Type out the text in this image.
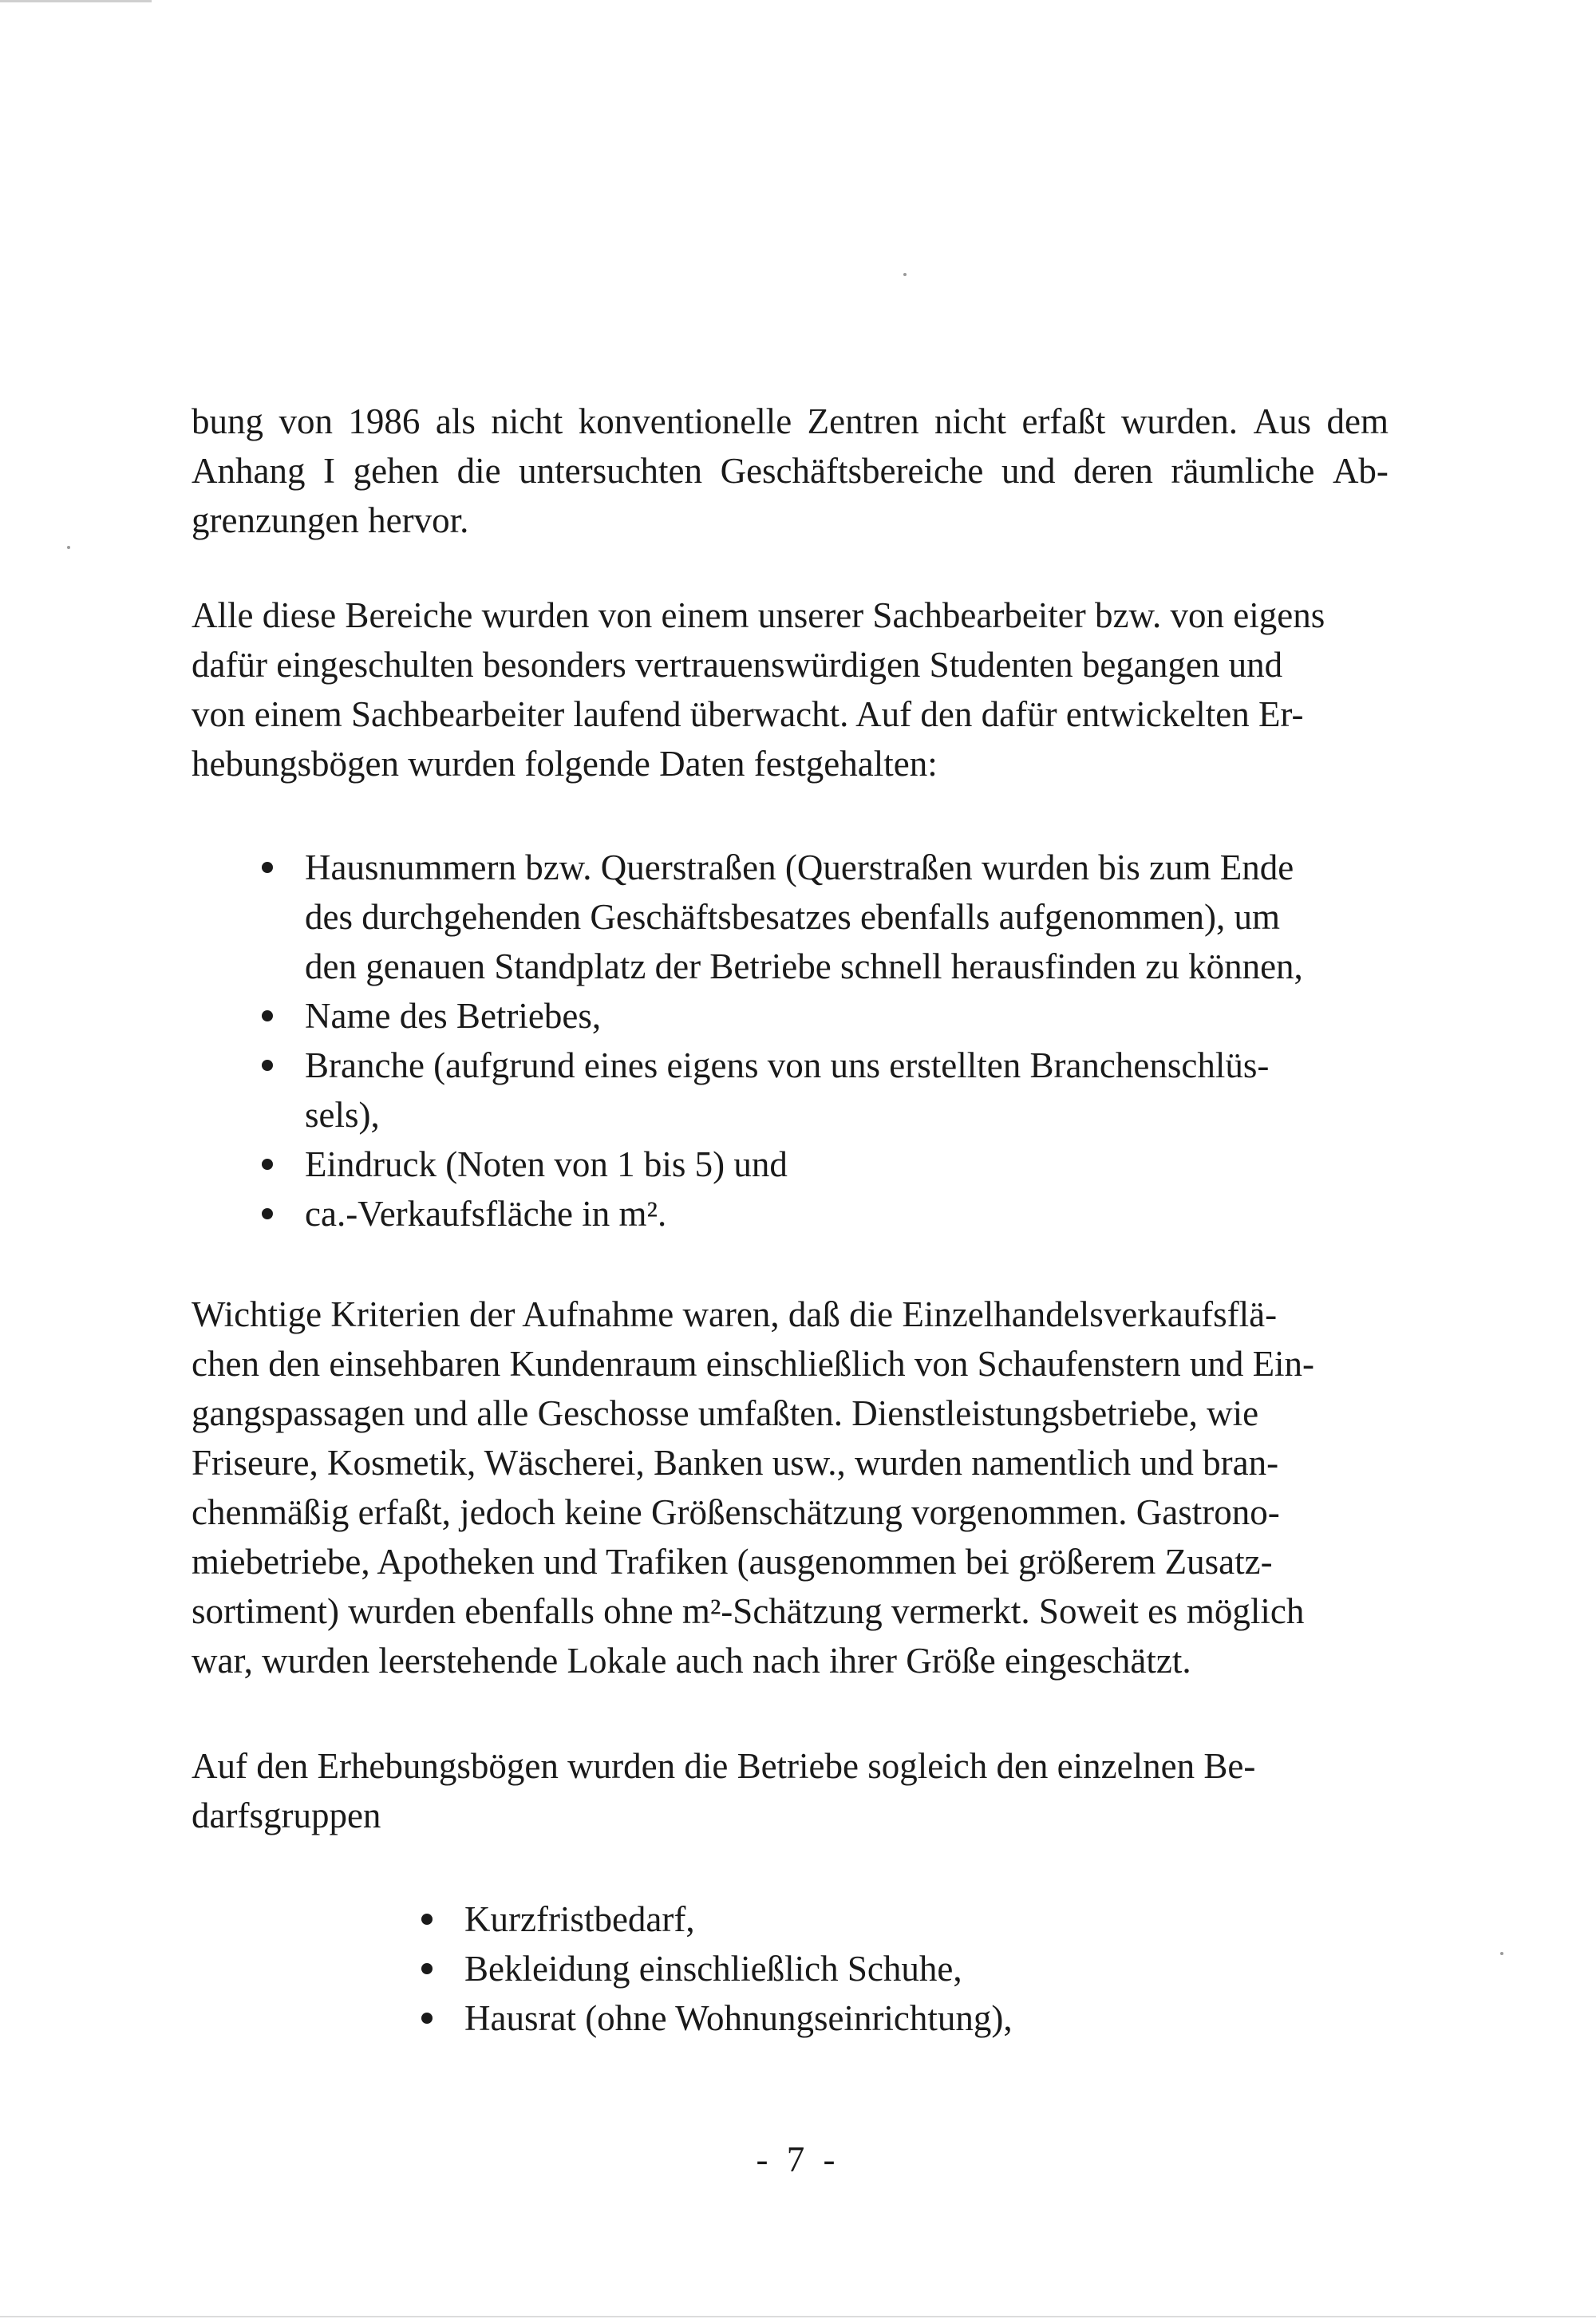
bung von 1986 als nicht konventionelle Zentren nicht erfaßt wurden. Aus dem
Anhang I gehen die untersuchten Geschäftsbereiche und deren räumliche Ab-
grenzungen hervor.
Alle diese Bereiche wurden von einem unserer Sachbearbeiter bzw. von eigens
dafür eingeschulten besonders vertrauenswürdigen Studenten begangen und
von einem Sachbearbeiter laufend überwacht. Auf den dafür entwickelten Er-
hebungsbögen wurden folgende Daten festgehalten:
Hausnummern bzw. Querstraßen (Querstraßen wurden bis zum Ende
des durchgehenden Geschäftsbesatzes ebenfalls aufgenommen), um
den genauen Standplatz der Betriebe schnell herausfinden zu können,
Name des Betriebes,
Branche (aufgrund eines eigens von uns erstellten Branchenschlüs-
sels),
Eindruck (Noten von 1 bis 5) und
ca.-Verkaufsfläche in m².
Wichtige Kriterien der Aufnahme waren, daß die Einzelhandelsverkaufsflä-
chen den einsehbaren Kundenraum einschließlich von Schaufenstern und Ein-
gangspassagen und alle Geschosse umfaßten. Dienstleistungsbetriebe, wie
Friseure, Kosmetik, Wäscherei, Banken usw., wurden namentlich und bran-
chenmäßig erfaßt, jedoch keine Größenschätzung vorgenommen. Gastrono-
miebetriebe, Apotheken und Trafiken (ausgenommen bei größerem Zusatz-
sortiment) wurden ebenfalls ohne m²-Schätzung vermerkt. Soweit es möglich
war, wurden leerstehende Lokale auch nach ihrer Größe eingeschätzt.
Auf den Erhebungsbögen wurden die Betriebe sogleich den einzelnen Be-
darfsgruppen
Kurzfristbedarf,
Bekleidung einschließlich Schuhe,
Hausrat (ohne Wohnungseinrichtung),
- 7 -
